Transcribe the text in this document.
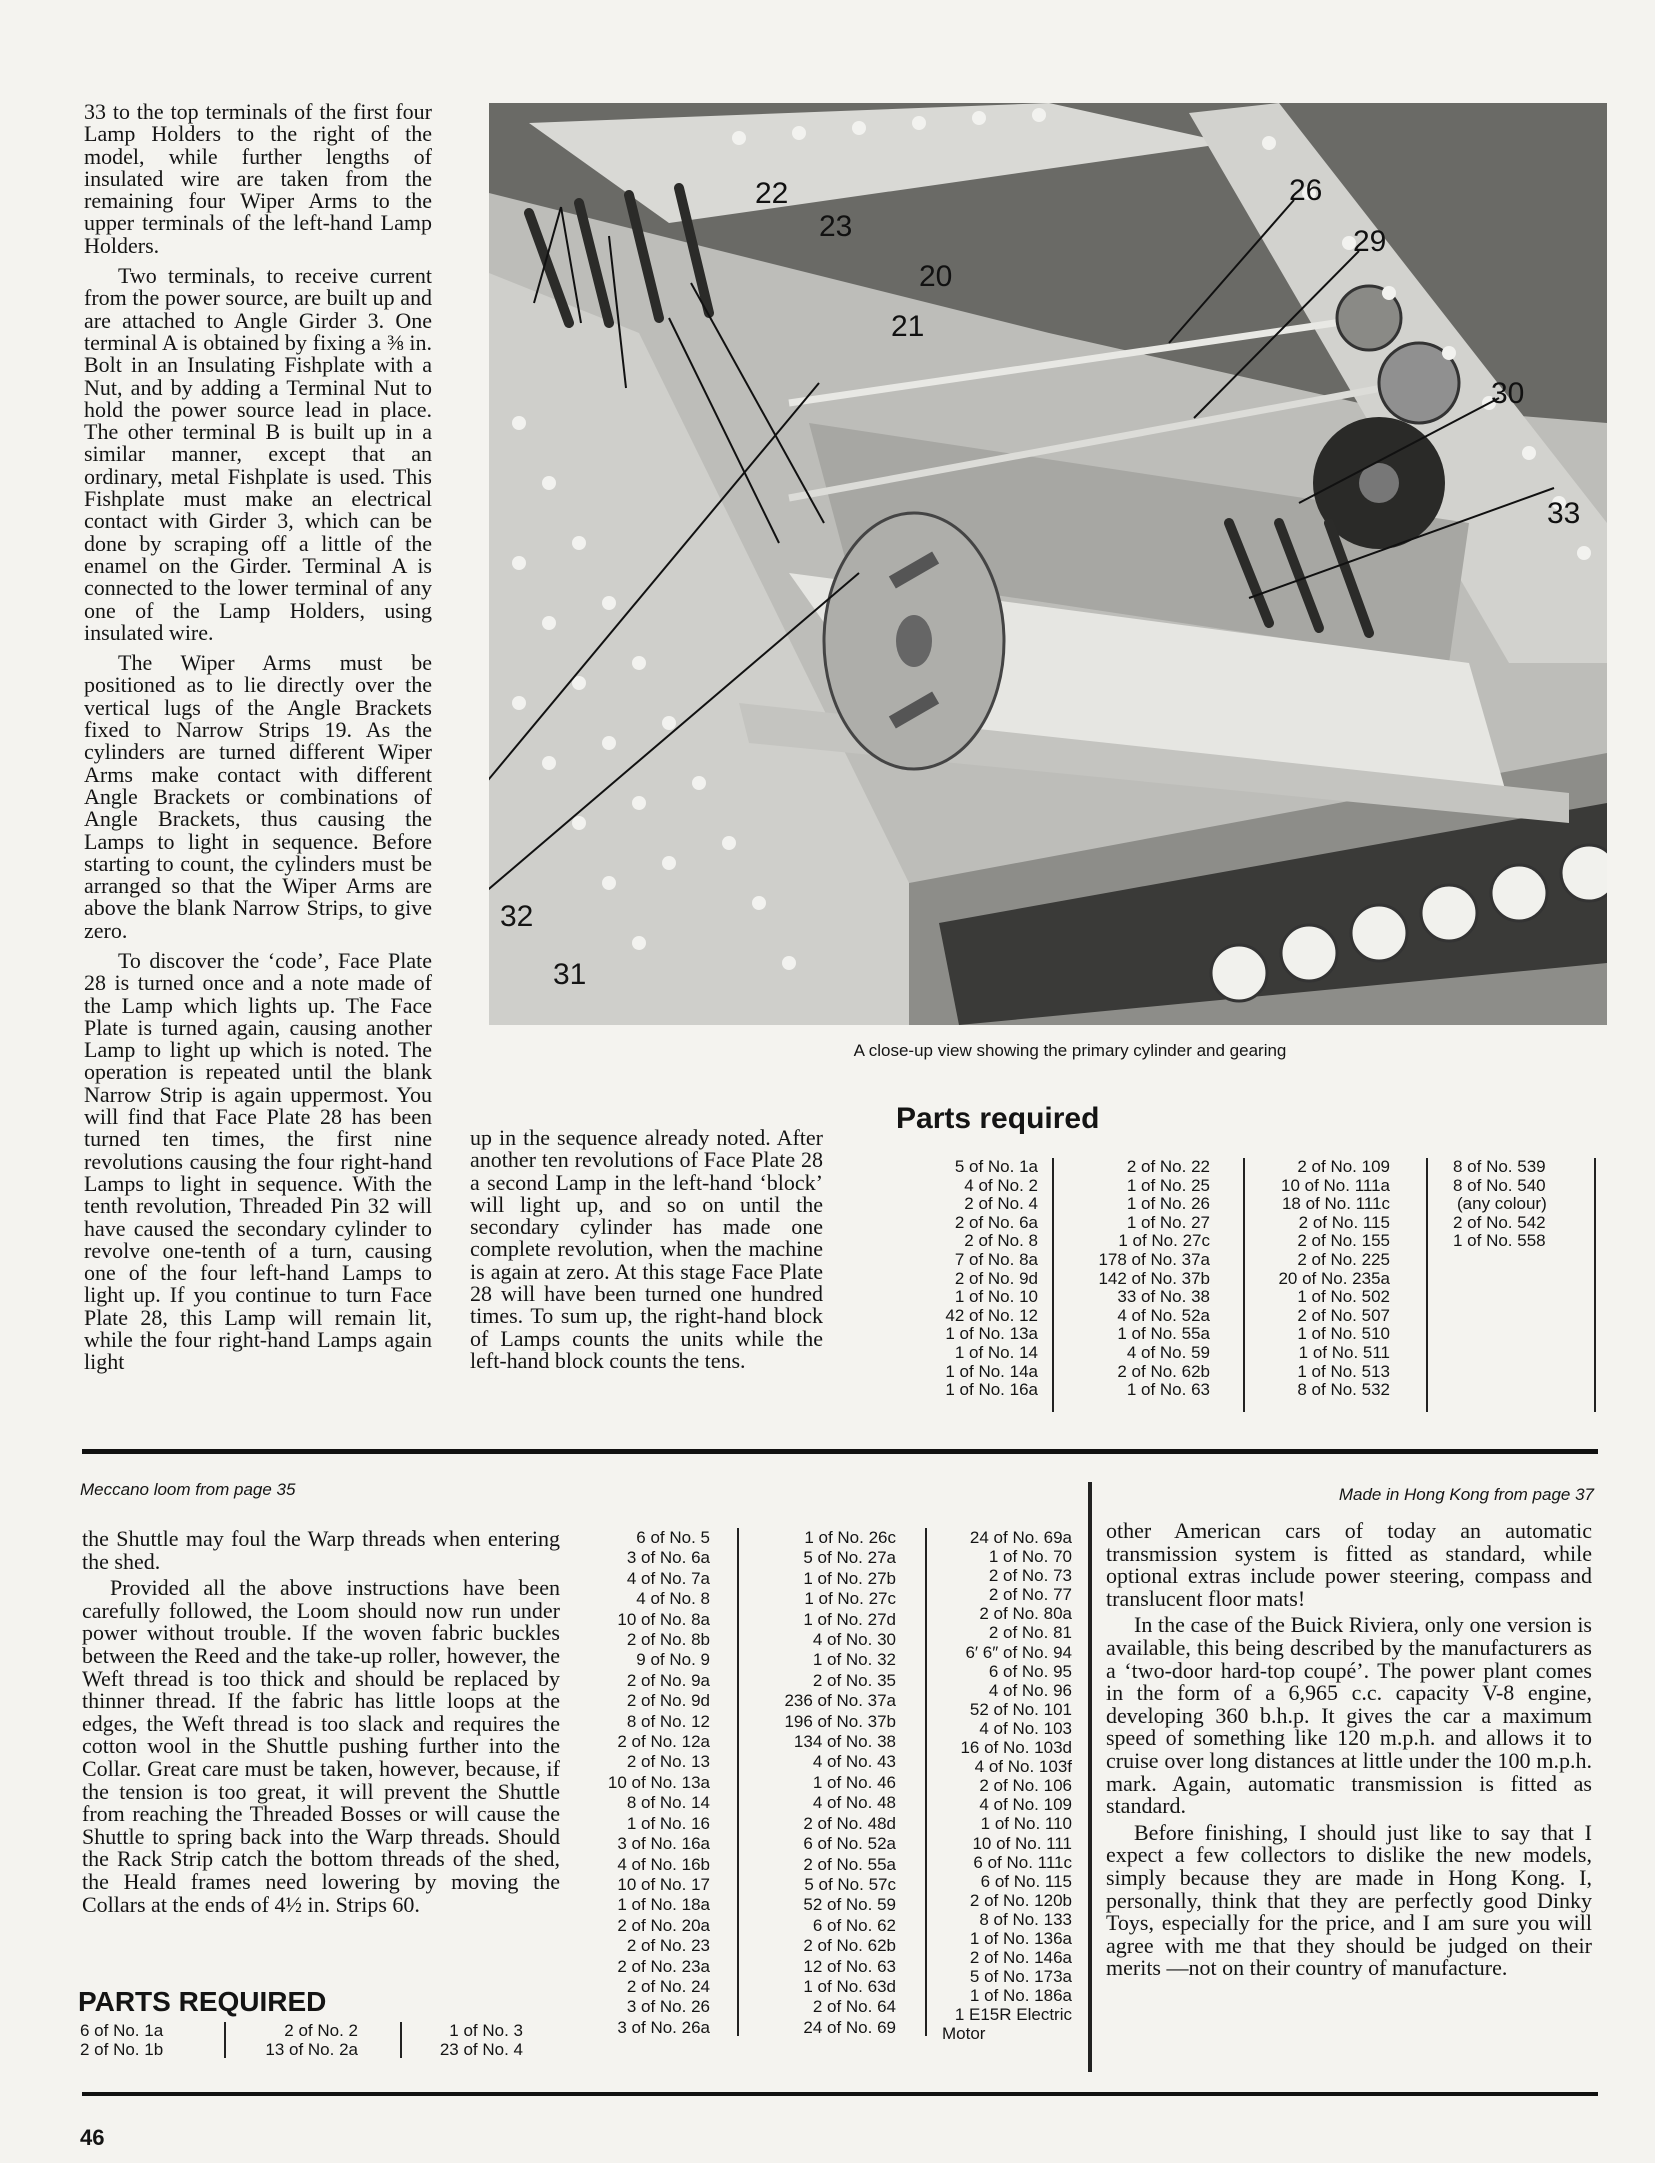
33 to the top terminals of the first four Lamp Holders to the right of the model, while further lengths of insulated wire are taken from the remaining four Wiper Arms to the upper terminals of the left-hand Lamp Holders.

Two terminals, to receive current from the power source, are built up and are attached to Angle Girder 3. One terminal A is obtained by fixing a ⅜ in. Bolt in an Insulating Fishplate with a Nut, and by adding a Terminal Nut to hold the power source lead in place. The other terminal B is built up in a similar manner, except that an ordinary, metal Fishplate is used. This Fishplate must make an electrical contact with Girder 3, which can be done by scraping off a little of the enamel on the Girder. Terminal A is connected to the lower terminal of any one of the Lamp Holders, using insulated wire.

The Wiper Arms must be positioned as to lie directly over the vertical lugs of the Angle Brackets fixed to Narrow Strips 19. As the cylinders are turned different Wiper Arms make contact with different Angle Brackets or combinations of Angle Brackets, thus causing the Lamps to light in sequence. Before starting to count, the cylinders must be arranged so that the Wiper Arms are above the blank Narrow Strips, to give zero.

To discover the ‘code’, Face Plate 28 is turned once and a note made of the Lamp which lights up. The Face Plate is turned again, causing another Lamp to light up which is noted. The operation is repeated until the blank Narrow Strip is again uppermost. You will find that Face Plate 28 has been turned ten times, the first nine revolutions causing the four right-hand Lamps to light in sequence. With the tenth revolution, Threaded Pin 32 will have caused the secondary cylinder to revolve one-tenth of a turn, causing one of the four left-hand Lamps to light up. If you continue to turn Face Plate 28, this Lamp will remain lit, while the four right-hand Lamps again light

22
23
20
21
26
29
30
33
32
31
A close-up view showing the primary cylinder and gearing

up in the sequence already noted. After another ten revolutions of Face Plate 28 a second Lamp in the left-hand ‘block’ will light up, and so on until the secondary cylinder has made one complete revolution, when the machine is again at zero. At this stage Face Plate 28 will have been turned one hundred times. To sum up, the right-hand block of Lamps counts the units while the left-hand block counts the tens.

Parts required
5 of No. 1a
4 of No. 2
2 of No. 4
2 of No. 6a
2 of No. 8
7 of No. 8a
2 of No. 9d
1 of No. 10
42 of No. 12
1 of No. 13a
1 of No. 14
1 of No. 14a
1 of No. 16a
2 of No. 22
1 of No. 25
1 of No. 26
1 of No. 27
1 of No. 27c
178 of No. 37a
142 of No. 37b
33 of No. 38
4 of No. 52a
1 of No. 55a
4 of No. 59
2 of No. 62b
1 of No. 63
2 of No. 109
10 of No. 111a
18 of No. 111c
2 of No. 115
2 of No. 155
2 of No. 225
20 of No. 235a
1 of No. 502
2 of No. 507
1 of No. 510
1 of No. 511
1 of No. 513
8 of No. 532
8 of No. 539
8 of No. 540
(any colour)
2 of No. 542
1 of No. 558
Meccano loom from page 35	Made in Hong Kong from page 37

the Shuttle may foul the Warp threads when entering the shed.

Provided all the above instructions have been carefully followed, the Loom should now run under power without trouble. If the woven fabric buckles between the Reed and the take-up roller, however, the Weft thread is too thick and should be replaced by thinner thread. If the fabric has little loops at the edges, the Weft thread is too slack and requires the cotton wool in the Shuttle pushing further into the Collar. Great care must be taken, however, because, if the tension is too great, it will prevent the Shuttle from reaching the Threaded Bosses or will cause the Shuttle to spring back into the Warp threads. Should the Rack Strip catch the bottom threads of the shed, the Heald frames need lowering by moving the Collars at the ends of 4½ in. Strips 60.

PARTS REQUIRED
6 of No. 1a
2 of No. 1b
2 of No. 2
13 of No. 2a
1 of No. 3
23 of No. 4
6 of No. 5
3 of No. 6a
4 of No. 7a
4 of No. 8
10 of No. 8a
2 of No. 8b
9 of No. 9
2 of No. 9a
2 of No. 9d
8 of No. 12
2 of No. 12a
2 of No. 13
10 of No. 13a
8 of No. 14
1 of No. 16
3 of No. 16a
4 of No. 16b
10 of No. 17
1 of No. 18a
2 of No. 20a
2 of No. 23
2 of No. 23a
2 of No. 24
3 of No. 26
3 of No. 26a
1 of No. 26c
5 of No. 27a
1 of No. 27b
1 of No. 27c
1 of No. 27d
4 of No. 30
1 of No. 32
2 of No. 35
236 of No. 37a
196 of No. 37b
134 of No. 38
4 of No. 43
1 of No. 46
4 of No. 48
2 of No. 48d
6 of No. 52a
2 of No. 55a
5 of No. 57c
52 of No. 59
6 of No. 62
2 of No. 62b
12 of No. 63
1 of No. 63d
2 of No. 64
24 of No. 69
24 of No. 69a
1 of No. 70
2 of No. 73
2 of No. 77
2 of No. 80a
2 of No. 81
6′ 6″ of No. 94
6 of No. 95
4 of No. 96
52 of No. 101
4 of No. 103
16 of No. 103d
4 of No. 103f
2 of No. 106
4 of No. 109
1 of No. 110
10 of No. 111
6 of No. 111c
6 of No. 115
2 of No. 120b
8 of No. 133
1 of No. 136a
2 of No. 146a
5 of No. 173a
1 of No. 186a
1 E15R Electric
Motor

other American cars of today an automatic transmission system is fitted as standard, while optional extras include power steering, compass and translucent floor mats!

In the case of the Buick Riviera, only one version is available, this being described by the manufacturers as a ‘two-door hard-top coupé’. The power plant comes in the form of a 6,965 c.c. capacity V-8 engine, developing 360 b.h.p. It gives the car a maximum speed of something like 120 m.p.h. and allows it to cruise over long distances at little under the 100 m.p.h. mark. Again, automatic transmission is fitted as standard.

Before finishing, I should just like to say that I expect a few collectors to dislike the new models, simply because they are made in Hong Kong. I, personally, think that they are perfectly good Dinky Toys, especially for the price, and I am sure you will agree with me that they should be judged on their merits —not on their country of manufacture.

46
